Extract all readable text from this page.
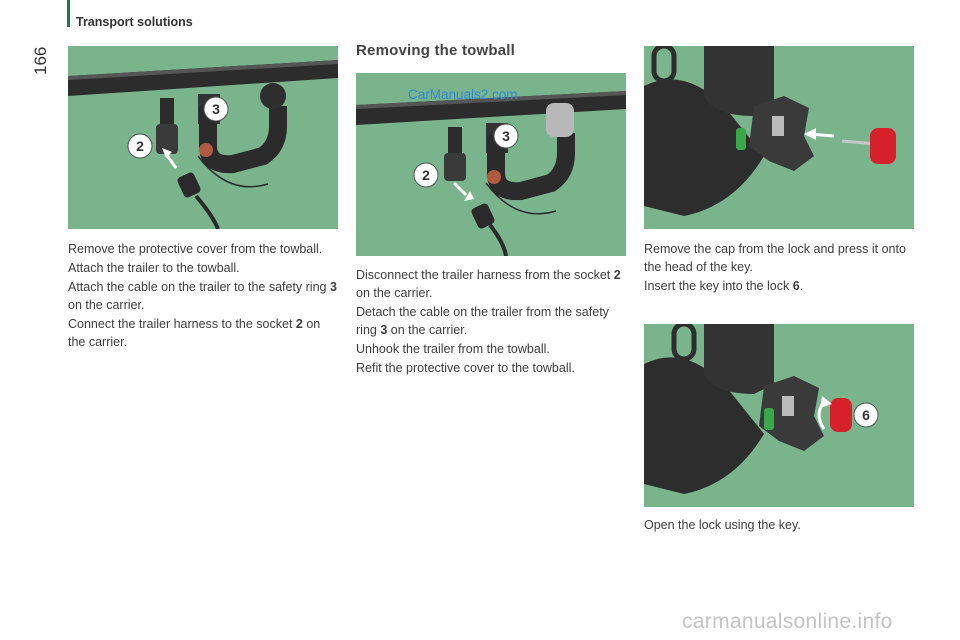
Transport solutions
166
2
3

Remove the protective cover from the towball.

Attach the trailer to the towball.

Attach the cable on the trailer to the safety ring 3 on the carrier.

Connect the trailer harness to the socket 2 on the carrier.

Removing the towball
2
3
CarManuals2.com

Disconnect the trailer harness from the socket 2 on the carrier.

Detach the cable on the trailer from the safety ring 3 on the carrier.

Unhook the trailer from the towball.

Refit the protective cover to the towball.

Remove the cap from the lock and press it onto the head of the key.

Insert the key into the lock 6.

6

Open the lock using the key.

carmanualsonline.info
